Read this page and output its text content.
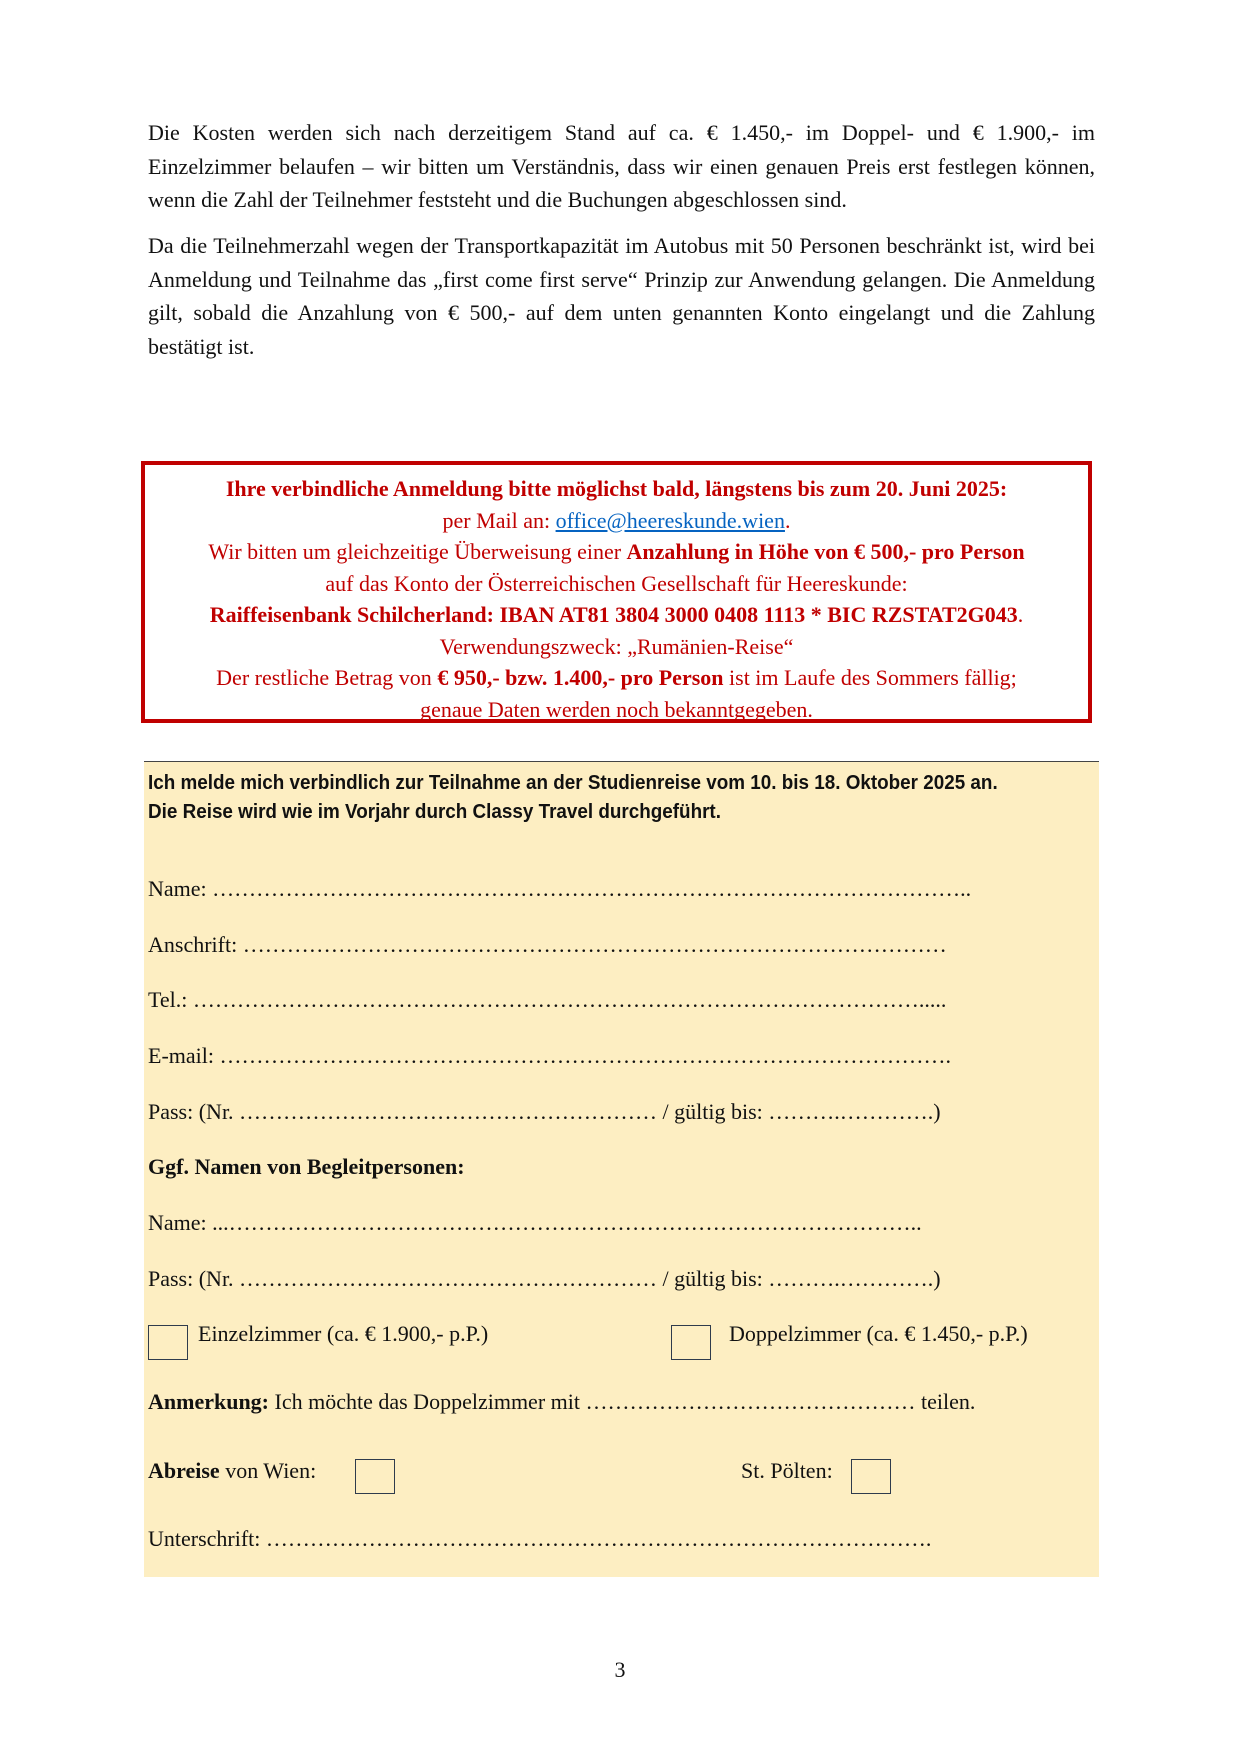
Die Kosten werden sich nach derzeitigem Stand auf ca. € 1.450,- im Doppel- und € 1.900,- im Einzelzimmer belaufen – wir bitten um Verständnis, dass wir einen genauen Preis erst festlegen können, wenn die Zahl der Teilnehmer feststeht und die Buchungen abgeschlossen sind.

Da die Teilnehmerzahl wegen der Transportkapazität im Autobus mit 50 Personen beschränkt ist, wird bei Anmeldung und Teilnahme das „first come first serve“ Prinzip zur Anwendung gelangen. Die Anmeldung gilt, sobald die Anzahlung von € 500,- auf dem unten genannten Konto eingelangt und die Zahlung bestätigt ist.

Ihre verbindliche Anmeldung bitte möglichst bald, längstens bis zum 20. Juni 2025:

per Mail an: office@heereskunde.wien.

Wir bitten um gleichzeitige Überweisung einer Anzahlung in Höhe von € 500,- pro Person

auf das Konto der Österreichischen Gesellschaft für Heereskunde:

Raiffeisenbank Schilcherland: IBAN AT81 3804 3000 0408 1113 * BIC RZSTAT2G043.

Verwendungszweck: „Rumänien-Reise“

Der restliche Betrag von € 950,- bzw. 1.400,- pro Person ist im Laufe des Sommers fällig;

genaue Daten werden noch bekanntgegeben.

Ich melde mich verbindlich zur Teilnahme an der Studienreise vom 10. bis 18. Oktober 2025 an.
Die Reise wird wie im Vorjahr durch Classy Travel durchgeführt.

Name: …………………………………………………………………………………………..

Anschrift: ……………………………………………………………………………………

Tel.: ……………………………………………………………………………………….....

E-mail: ……………………………………………………………………………………….

Pass: (Nr. ………………………………………………… / gültig bis: ……….………….)

Ggf. Namen von Begleitpersonen:

Name: ...…………………………………………………………………………………..

Pass: (Nr. ………………………………………………… / gültig bis: ……….………….)

Einzelzimmer (ca. € 1.900,- p.P.)	Doppelzimmer (ca. € 1.450,- p.P.)

Anmerkung: Ich möchte das Doppelzimmer mit ……………………………………… teilen.

Abreise von Wien:	St. Pölten:

Unterschrift: ……………………………………………………………………………….

3
